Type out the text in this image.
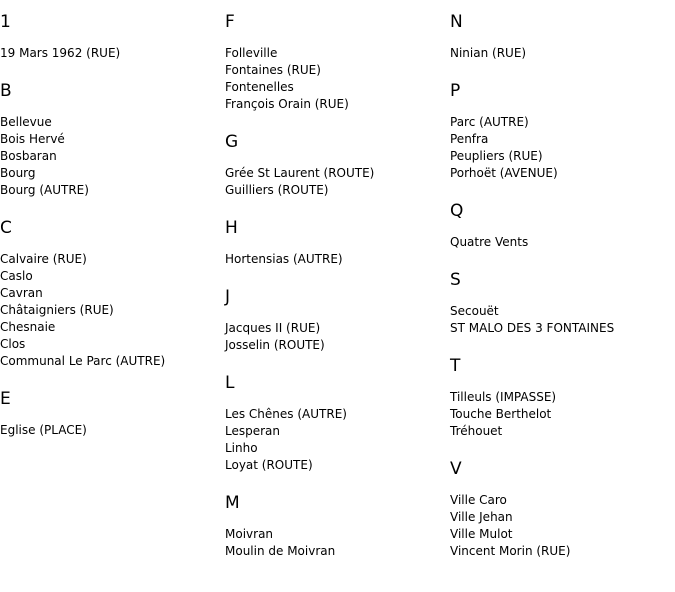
1
19 Mars 1962 (RUE)
B
Bellevue
Bois Hervé
Bosbaran
Bourg
Bourg (AUTRE)
C
Calvaire (RUE)
Caslo
Cavran
Châtaigniers (RUE)
Chesnaie
Clos
Communal Le Parc (AUTRE)
E
Eglise (PLACE)
F
Folleville
Fontaines (RUE)
Fontenelles
François Orain (RUE)
G
Grée St Laurent (ROUTE)
Guilliers (ROUTE)
H
Hortensias (AUTRE)
J
Jacques II (RUE)
Josselin (ROUTE)
L
Les Chênes (AUTRE)
Lesperan
Linho
Loyat (ROUTE)
M
Moivran
Moulin de Moivran
N
Ninian (RUE)
P
Parc (AUTRE)
Penfra
Peupliers (RUE)
Porhoët (AVENUE)
Q
Quatre Vents
S
Secouët
ST MALO DES 3 FONTAINES
T
Tilleuls (IMPASSE)
Touche Berthelot
Tréhouet
V
Ville Caro
Ville Jehan
Ville Mulot
Vincent Morin (RUE)
